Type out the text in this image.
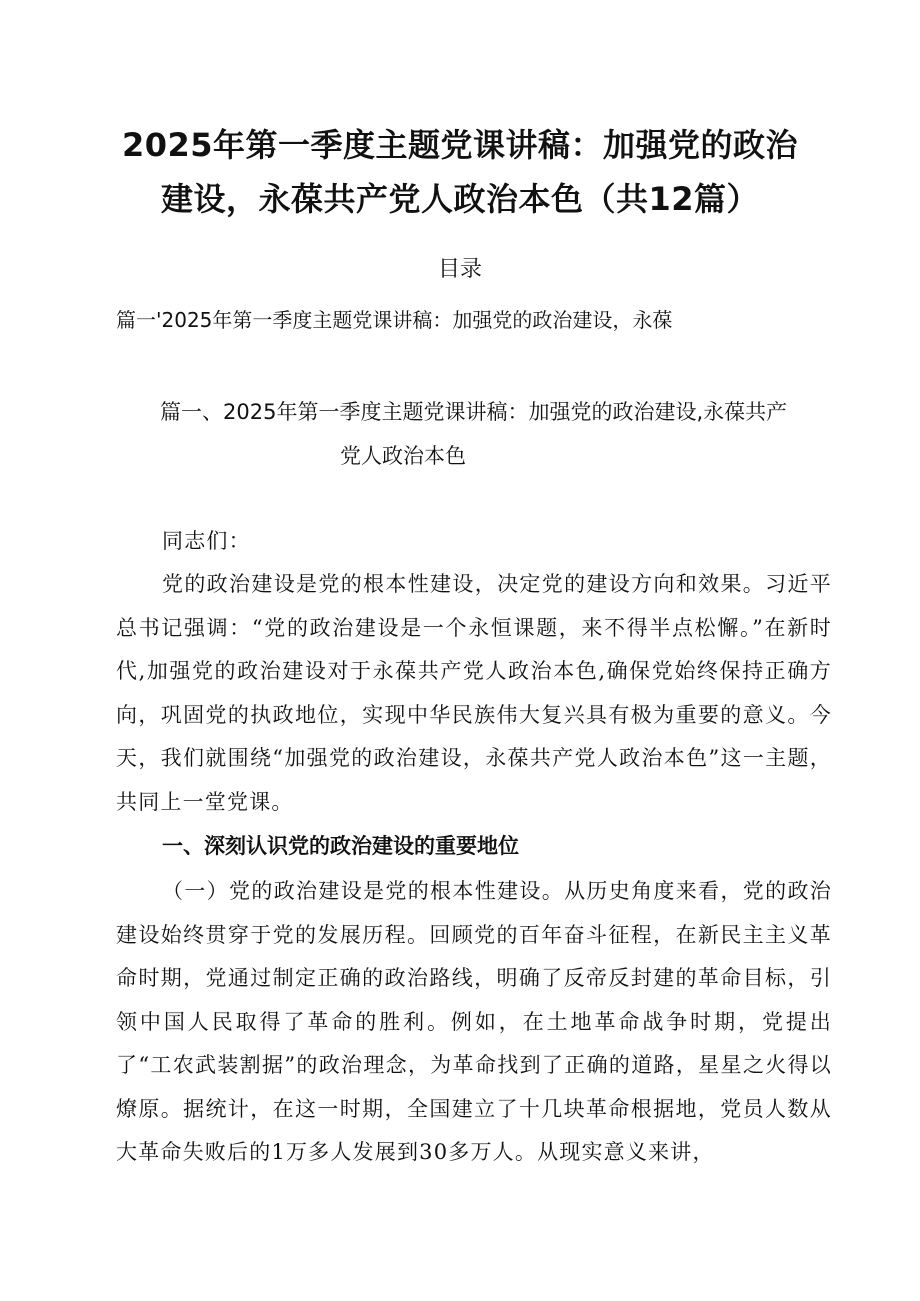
2025年第一季度主题党课讲稿：加强党的政治
建设，永葆共产党人政治本色（共12篇）
目录
篇一'2025年第一季度主题党课讲稿：加强党的政治建设，永葆
篇一、2025年第一季度主题党课讲稿：加强党的政治建设,永葆共产
党人政治本色
同志们：
党的政治建设是党的根本性建设，决定党的建设方向和效果。习近平总书记强调：“党的政治建设是一个永恒课题，来不得半点松懈。”在新时代,加强党的政治建设对于永葆共产党人政治本色,确保党始终保持正确方向，巩固党的执政地位，实现中华民族伟大复兴具有极为重要的意义。今天，我们就围绕“加强党的政治建设，永葆共产党人政治本色”这一主题，共同上一堂党课。
一、深刻认识党的政治建设的重要地位
（一）党的政治建设是党的根本性建设。从历史角度来看，党的政治建设始终贯穿于党的发展历程。回顾党的百年奋斗征程，在新民主主义革命时期，党通过制定正确的政治路线，明确了反帝反封建的革命目标，引领中国人民取得了革命的胜利。例如，在土地革命战争时期，党提出了“工农武装割据”的政治理念，为革命找到了正确的道路，星星之火得以燎原。据统计，在这一时期，全国建立了十几块革命根据地，党员人数从大革命失败后的1万多人发展到30多万人。从现实意义来讲，
